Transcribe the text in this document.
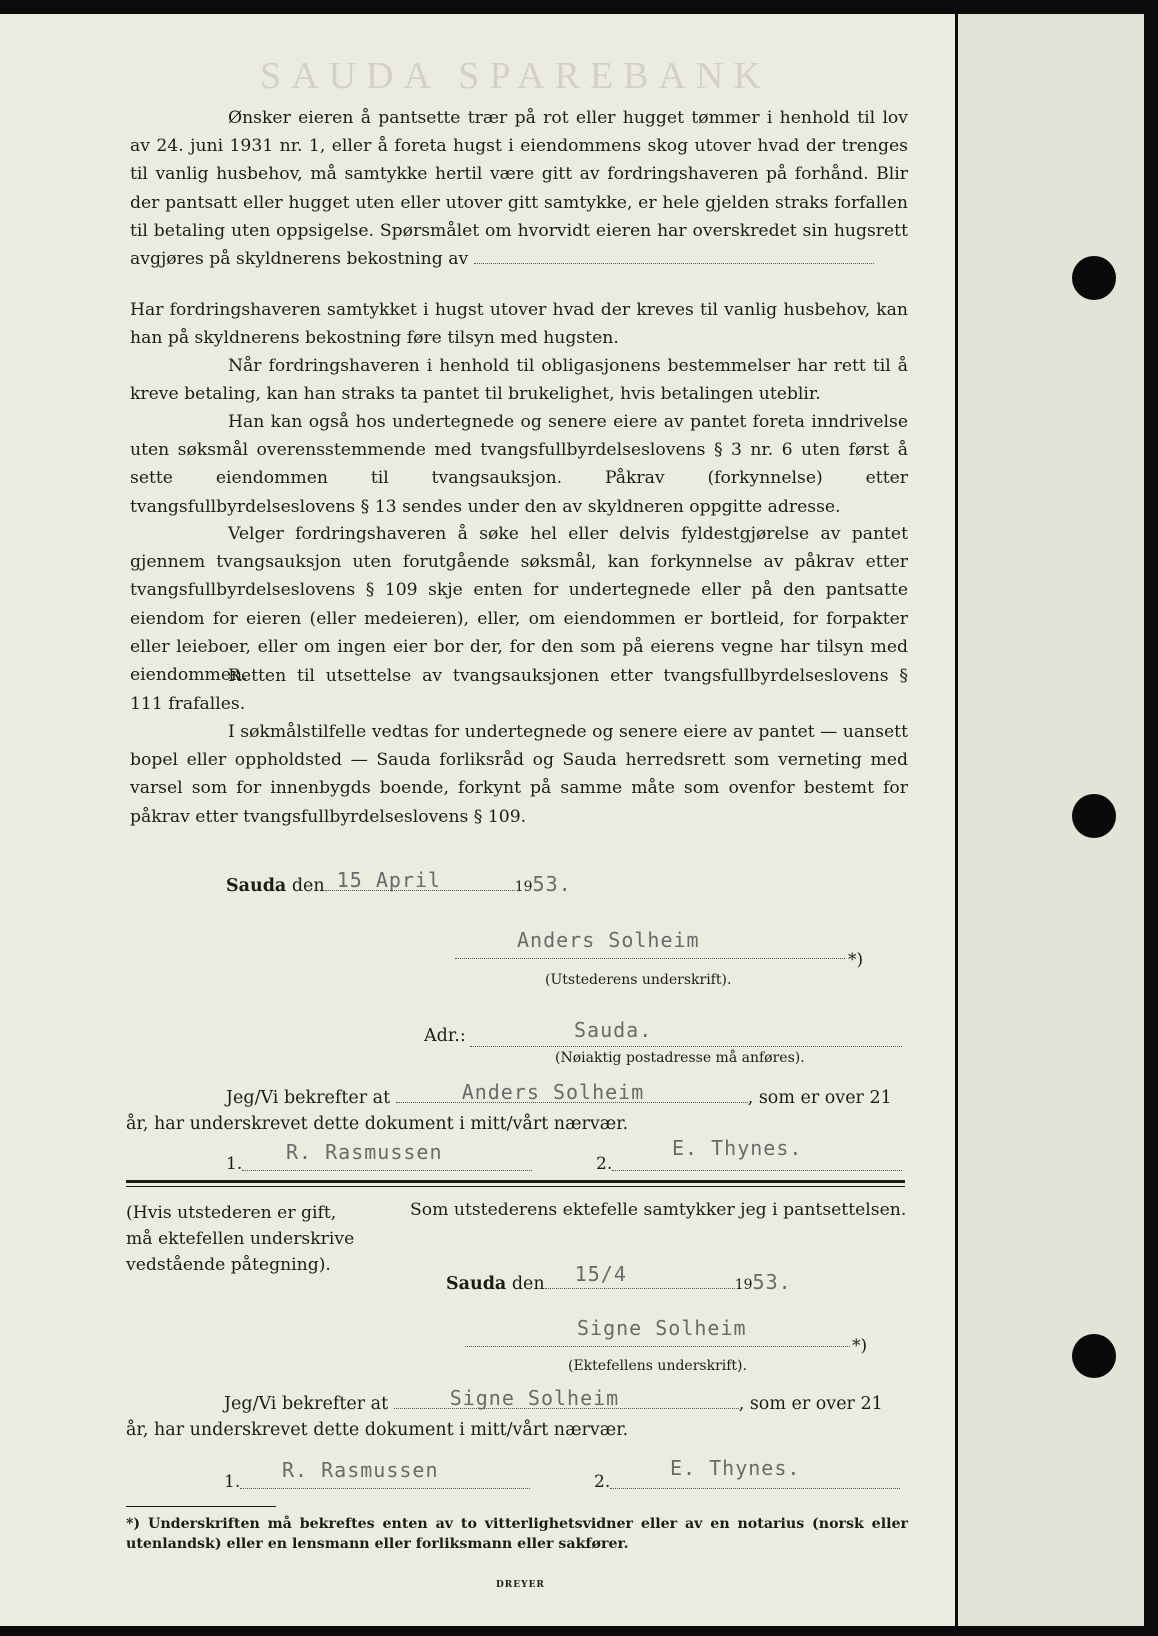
SAUDA SPAREBANK

Ønsker eieren å pantsette trær på rot eller hugget tømmer i henhold til lov av 24. juni 1931 nr. 1, eller å foreta hugst i eiendommens skog utover hvad der trenges til vanlig husbehov, må samtykke hertil være gitt av fordringshaveren på forhånd. Blir der pantsatt eller hugget uten eller utover gitt samtykke, er hele gjelden straks forfallen til betaling uten oppsigelse. Spørsmålet om hvorvidt eieren har overskredet sin hugsrett avgjøres på skyldnerens bekostning av

Har fordringshaveren samtykket i hugst utover hvad der kreves til vanlig husbehov, kan han på skyldnerens bekostning føre tilsyn med hugsten.

Når fordringshaveren i henhold til obligasjonens bestemmelser har rett til å kreve betaling, kan han straks ta pantet til brukelighet, hvis betalingen uteblir.

Han kan også hos undertegnede og senere eiere av pantet foreta inndrivelse uten søksmål overensstemmende med tvangsfullbyrdelseslovens § 3 nr. 6 uten først å sette eiendommen til tvangsauksjon. Påkrav (forkynnelse) etter tvangsfullbyrdelseslovens § 13 sendes under den av skyldneren oppgitte adresse.

Velger fordringshaveren å søke hel eller delvis fyldestgjørelse av pantet gjennem tvangsauksjon uten forutgående søksmål, kan forkynnelse av påkrav etter tvangsfullbyrdelseslovens § 109 skje enten for undertegnede eller på den pantsatte eiendom for eieren (eller medeieren), eller, om eiendommen er bortleid, for forpakter eller leieboer, eller om ingen eier bor der, for den som på eierens vegne har tilsyn med eiendommen.

Retten til utsettelse av tvangsauksjonen etter tvangsfullbyrdelseslovens § 111 frafalles.

I søkmålstilfelle vedtas for undertegnede og senere eiere av pantet — uansett bopel eller oppholdsted — Sauda forliksråd og Sauda herredsrett som verneting med varsel som for innenbygds boende, forkynt på samme måte som ovenfor bestemt for påkrav etter tvangsfullbyrdelseslovens § 109.

Sauda den 15 April	1953.
Anders Solheim
*)
(Utstederens underskrift).
Adr.:	Sauda.
(Nøiaktig postadresse må anføres).
Jeg/Vi bekrefter at	Anders Solheim	, som er over 21
år, har underskrevet dette dokument i mitt/vårt nærvær.
1. R. Rasmussen	2.
E. Thynes.
(Hvis utstederen er gift, må ektefellen underskrive vedstående påtegning).
Som utstederens ektefelle samtykker jeg i pantsettelsen.
Sauda den 15/4	1953.
Signe Solheim
*)
(Ektefellens underskrift).
Jeg/Vi bekrefter at	Signe Solheim	, som er over 21
år, har underskrevet dette dokument i mitt/vårt nærvær.
1. R. Rasmussen	2.
E. Thynes.

*) Underskriften må bekreftes enten av to vitterlighetsvidner eller av en notarius (norsk eller utenlandsk) eller en lensmann eller forliksmann eller sakfører.

DREYER
